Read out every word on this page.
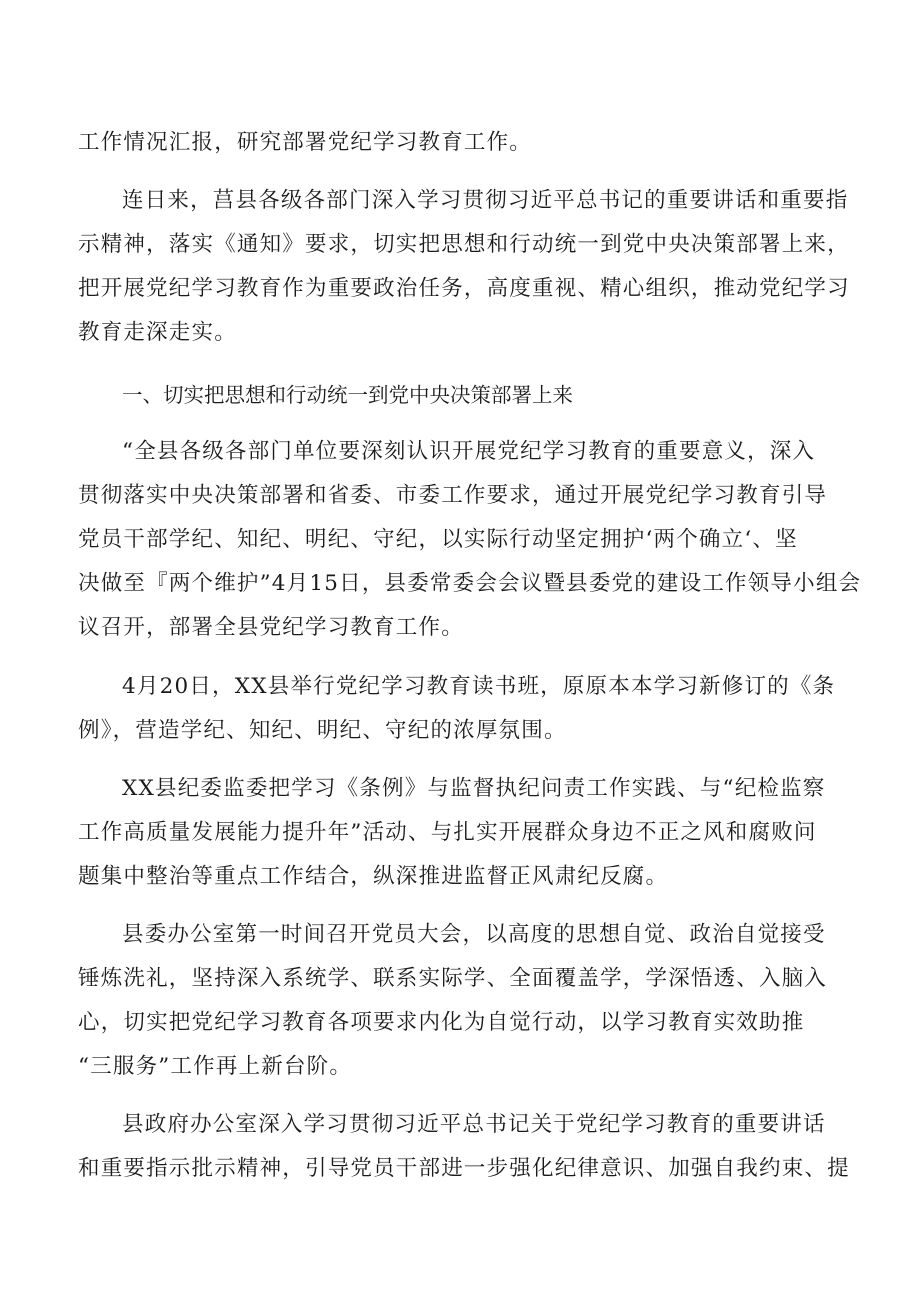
工作情况汇报，研究部署党纪学习教育工作。
连日来，莒县各级各部门深入学习贯彻习近平总书记的重要讲话和重要指
示精神，落实《通知》要求，切实把思想和行动统一到党中央决策部署上来，
把开展党纪学习教育作为重要政治任务，高度重视、精心组织，推动党纪学习
教育走深走实。
一、切实把思想和行动统一到党中央决策部署上来
“全县各级各部门单位要深刻认识开展党纪学习教育的重要意义，深入
贯彻落实中央决策部署和省委、市委工作要求，通过开展党纪学习教育引导
党员干部学纪、知纪、明纪、守纪，以实际行动坚定拥护‘两个确立‘、坚
决做至『两个维护”4月15日，县委常委会会议暨县委党的建设工作领导小组会
议召开，部署全县党纪学习教育工作。
4月20日，XX县举行党纪学习教育读书班，原原本本学习新修订的《条
例》，营造学纪、知纪、明纪、守纪的浓厚氛围。
XX县纪委监委把学习《条例》与监督执纪问责工作实践、与“纪检监察
工作高质量发展能力提升年”活动、与扎实开展群众身边不正之风和腐败问
题集中整治等重点工作结合，纵深推进监督正风肃纪反腐。
县委办公室第一时间召开党员大会，以高度的思想自觉、政治自觉接受
锤炼洗礼，坚持深入系统学、联系实际学、全面覆盖学，学深悟透、入脑入
心，切实把党纪学习教育各项要求内化为自觉行动，以学习教育实效助推
“三服务”工作再上新台阶。
县政府办公室深入学习贯彻习近平总书记关于党纪学习教育的重要讲话
和重要指示批示精神，引导党员干部进一步强化纪律意识、加强自我约束、提
